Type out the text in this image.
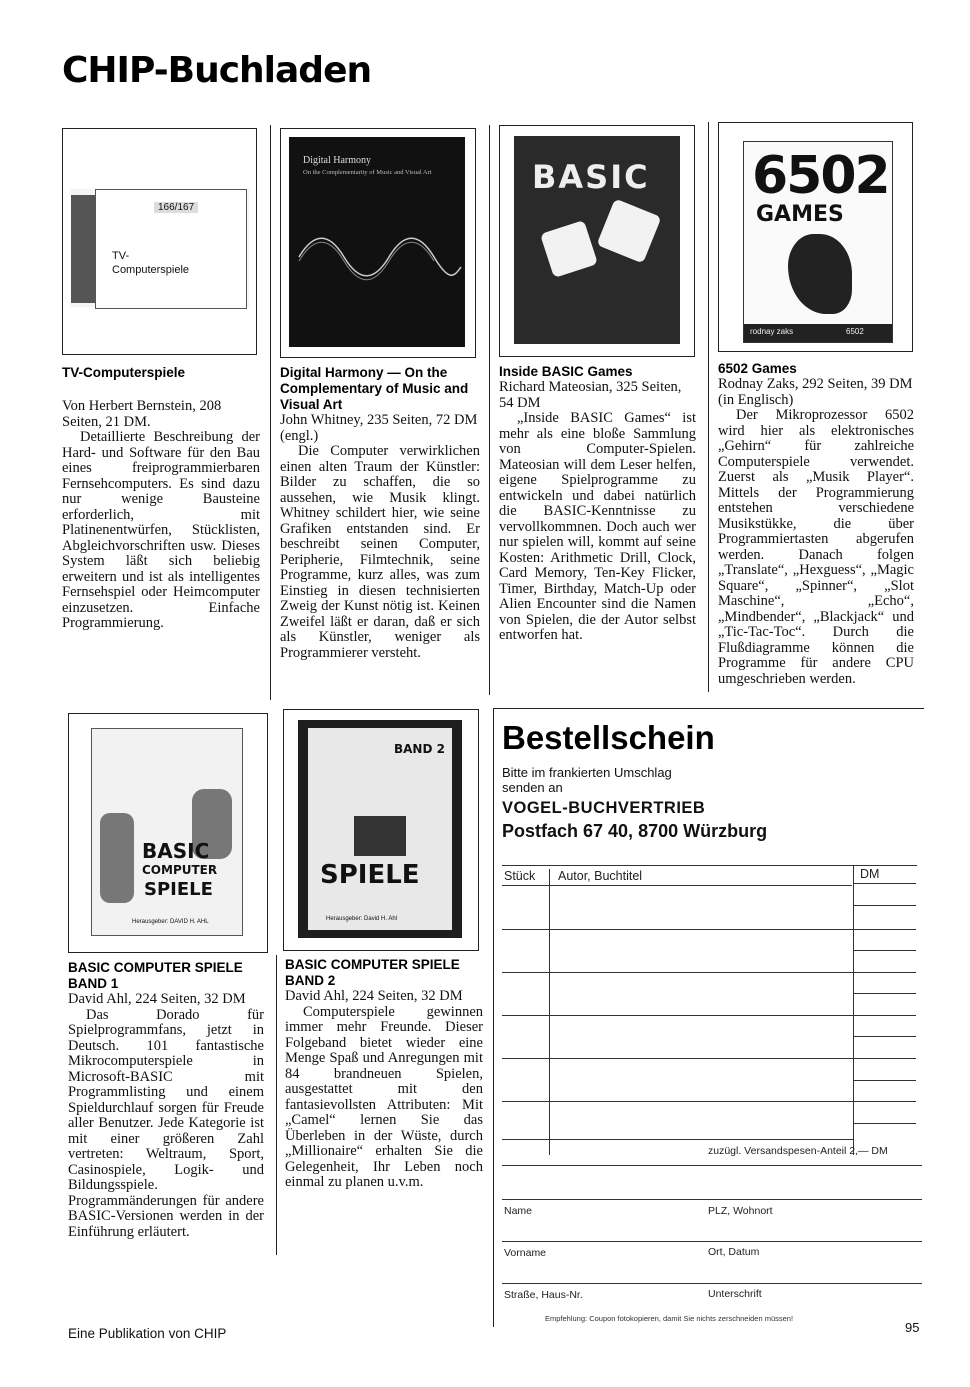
CHIP-Buchladen
166/167
TV-
Computerspiele
TV-Computerspiele
Von Herbert Bernstein, 208 Seiten, 21 DM.
Detaillierte Beschreibung der Hard- und Software für den Bau eines freiprogrammierbaren Fernsehcomputers. Es sind dazu nur wenige Bausteine erforderlich, mit Platinenentwürfen, Stücklisten, Abgleichvorschriften usw. Dieses System läßt sich beliebig erweitern und ist als intelligentes Fernsehspiel oder Heimcomputer einzusetzen. Einfache Programmierung.
Digital Harmony
On the Complementarity of Music and Visual Art
Digital Harmony — On the Complementary of Music and Visual Art
John Whitney, 235 Seiten, 72 DM (engl.)
Die Computer verwirklichen einen alten Traum der Künstler: Bilder zu schaffen, die so aussehen, wie Musik klingt. Whitney schildert hier, wie seine Grafiken entstanden sind. Er beschreibt seinen Computer, Peripherie, Filmtechnik, seine Programme, kurz alles, was zum Einstieg in diesen technisierten Zweig der Kunst nötig ist. Keinen Zweifel läßt er daran, daß er sich als Künstler, weniger als Programmierer versteht.
BASIC
Inside BASIC Games
Richard Mateosian, 325 Seiten, 54 DM
„Inside BASIC Games“ ist mehr als eine bloße Sammlung von Computer-Spielen. Mateosian will dem Leser helfen, eigene Spielprogramme zu entwickeln und dabei natürlich die BASIC-Kenntnisse zu vervollkommnen. Doch auch wer nur spielen will, kommt auf seine Kosten: Arithmetic Drill, Clock, Card Memory, Ten-Key Flicker, Timer, Birthday, Match-Up oder Alien Encounter sind die Namen von Spielen, die der Autor selbst entworfen hat.
6502
GAMES
rodnay zaks	6502
6502 Games
Rodnay Zaks, 292 Seiten, 39 DM (in Englisch)
Der Mikroprozessor 6502 wird hier als elektronisches „Gehirn“ für zahlreiche Computerspiele verwendet. Zuerst als „Musik Player“. Mittels der Programmierung entstehen verschiedene Musikstükke, die über Programmiertasten abgerufen werden. Danach folgen „Translate“, „Hexguess“, „Magic Square“, „Spinner“, „Slot Maschine“, „Echo“, „Mindbender“, „Blackjack“ und „Tic-Tac-Toc“. Durch die Flußdiagramme können die Programme für andere CPU umgeschrieben werden.
BASIC
COMPUTER
SPIELE
Herausgeber: DAVID H. AHL
BASIC COMPUTER SPIELE BAND 1
David Ahl, 224 Seiten, 32 DM
Das Dorado für Spielprogrammfans, jetzt in Deutsch. 101 fantastische Mikrocomputerspiele in Microsoft-BASIC mit Programmlisting und einem Spieldurchlauf sorgen für Freude aller Benutzer. Jede Kategorie ist mit einer größeren Zahl vertreten: Weltraum, Sport, Casinospiele, Logik- und Bildungsspiele. Programmänderungen für andere BASIC-Versionen werden in der Einführung erläutert.
BAND 2
SPIELE
Herausgeber: David H. Ahl
BASIC COMPUTER SPIELE BAND 2
David Ahl, 224 Seiten, 32 DM
Computerspiele gewinnen immer mehr Freunde. Dieser Folgeband bietet wieder eine Menge Spaß und Anregungen mit 84 brandneuen Spielen, ausgestattet mit den fantasievollsten Attributen: Mit „Camel“ lernen Sie das Überleben in der Wüste, durch „Millionaire“ erhalten Sie die Gelegenheit, Ihr Leben noch einmal zu planen u.v.m.
Bestellschein
Bitte im frankierten Umschlag
senden an
VOGEL-BUCHVERTRIEB
Postfach 67 40, 8700 Würzburg
Stück Autor, Buchtitel	DM
zuzügl. Versandspesen-Anteil 2,— DM
Name	PLZ, Wohnort
Vorname	Ort, Datum
Straße, Haus-Nr.	Unterschrift
Empfehlung: Coupon fotokopieren, damit Sie nichts zerschneiden müssen!
Eine Publikation von CHIP	95
